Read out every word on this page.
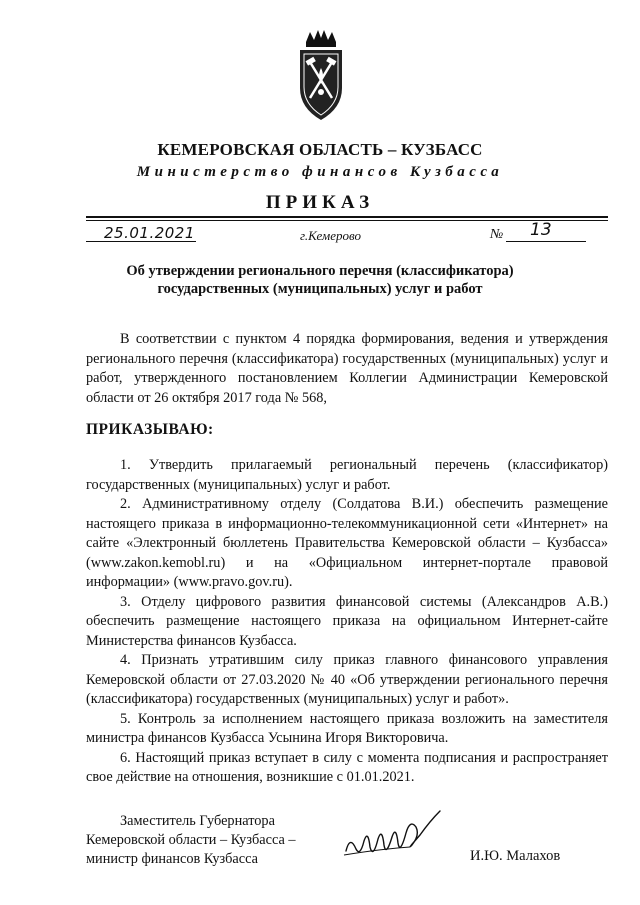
КЕМЕРОВСКАЯ ОБЛАСТЬ – КУЗБАСС
Министерство финансов Кузбасса
ПРИКАЗ
25.01.2021	г.Кемерово	№ 13
Об утверждении регионального перечня (классификатора)
государственных (муниципальных) услуг и работ

В соответствии с пунктом 4 порядка формирования, ведения и утверждения регионального перечня (классификатора) государственных (муниципальных) услуг и работ, утвержденного постановлением Коллегии Администрации Кемеровской области от 26 октября 2017 года № 568,

ПРИКАЗЫВАЮ:

1. Утвердить прилагаемый региональный перечень (классификатор) государственных (муниципальных) услуг и работ.

2. Административному отделу (Солдатова В.И.) обеспечить размещение настоящего приказа в информационно-телекоммуникационной сети «Интернет» на сайте «Электронный бюллетень Правительства Кемеровской области – Кузбасса» (www.zakon.kemobl.ru) и на «Официальном интернет-портале правовой информации» (www.pravo.gov.ru).

3. Отделу цифрового развития финансовой системы (Александров А.В.) обеспечить размещение настоящего приказа на официальном Интернет-сайте Министерства финансов Кузбасса.

4. Признать утратившим силу приказ главного финансового управления Кемеровской области от 27.03.2020 № 40 «Об утверждении регионального перечня (классификатора) государственных (муниципальных) услуг и работ».

5. Контроль за исполнением настоящего приказа возложить на заместителя министра финансов Кузбасса Усынина Игоря Викторовича.

6. Настоящий приказ вступает в силу с момента подписания и распространяет свое действие на отношения, возникшие с 01.01.2021.

Заместитель Губернатора
Кемеровской области – Кузбасса –
министр финансов Кузбасса	И.Ю. Малахов
